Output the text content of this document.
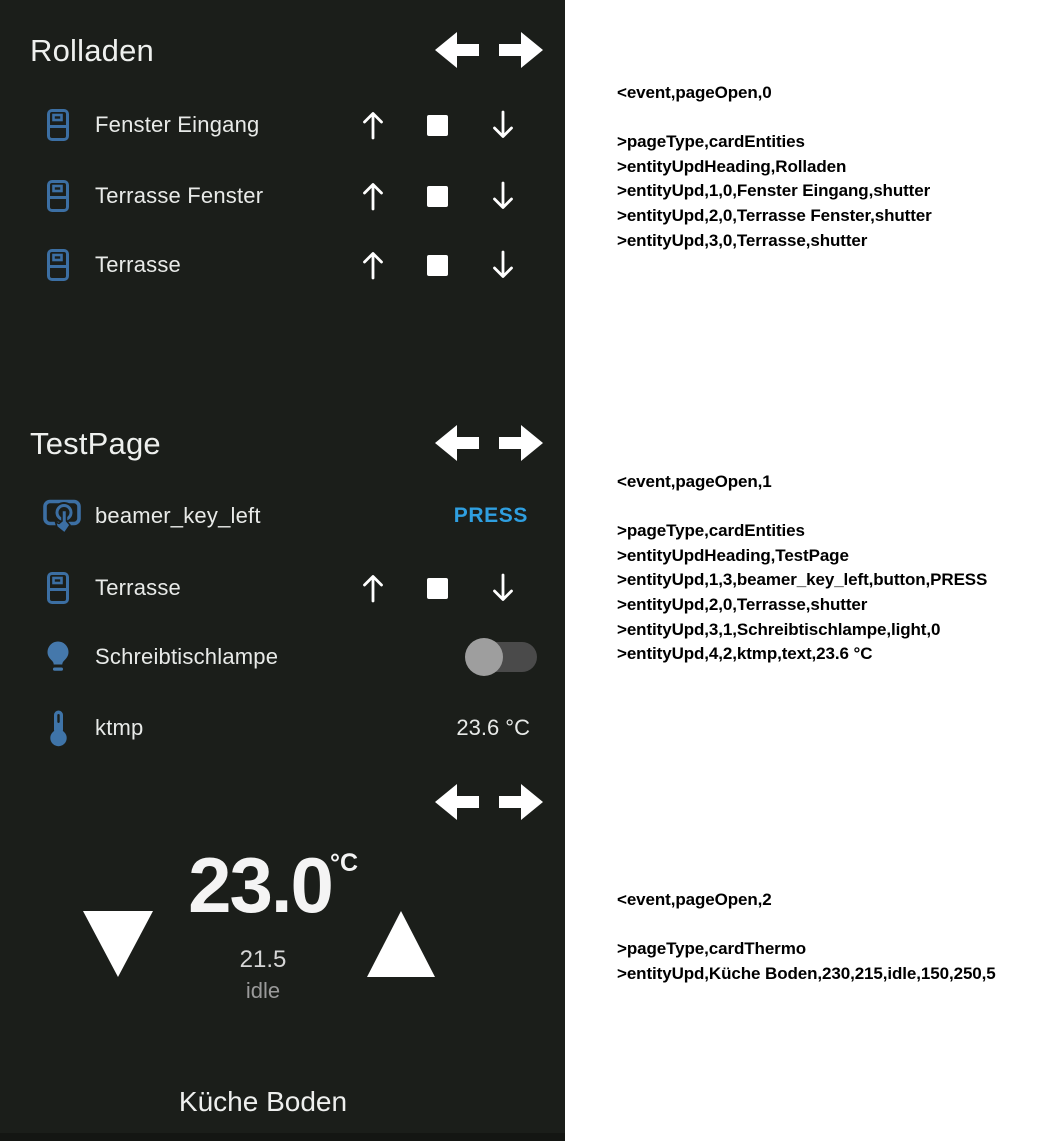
Rolladen
Fenster Eingang
Terrasse Fenster
Terrasse
TestPage
beamer_key_left	PRESS
Terrasse
Schreibtischlampe
ktmp	23.6 °C
23.0
°C
21.5
idle
Küche Boden
<event,pageOpen,0
>pageType,cardEntities
>entityUpdHeading,Rolladen
>entityUpd,1,0,Fenster Eingang,shutter
>entityUpd,2,0,Terrasse Fenster,shutter
>entityUpd,3,0,Terrasse,shutter
<event,pageOpen,1
>pageType,cardEntities
>entityUpdHeading,TestPage
>entityUpd,1,3,beamer_key_left,button,PRESS
>entityUpd,2,0,Terrasse,shutter
>entityUpd,3,1,Schreibtischlampe,light,0
>entityUpd,4,2,ktmp,text,23.6 °C
<event,pageOpen,2
>pageType,cardThermo
>entityUpd,Küche Boden,230,215,idle,150,250,5
